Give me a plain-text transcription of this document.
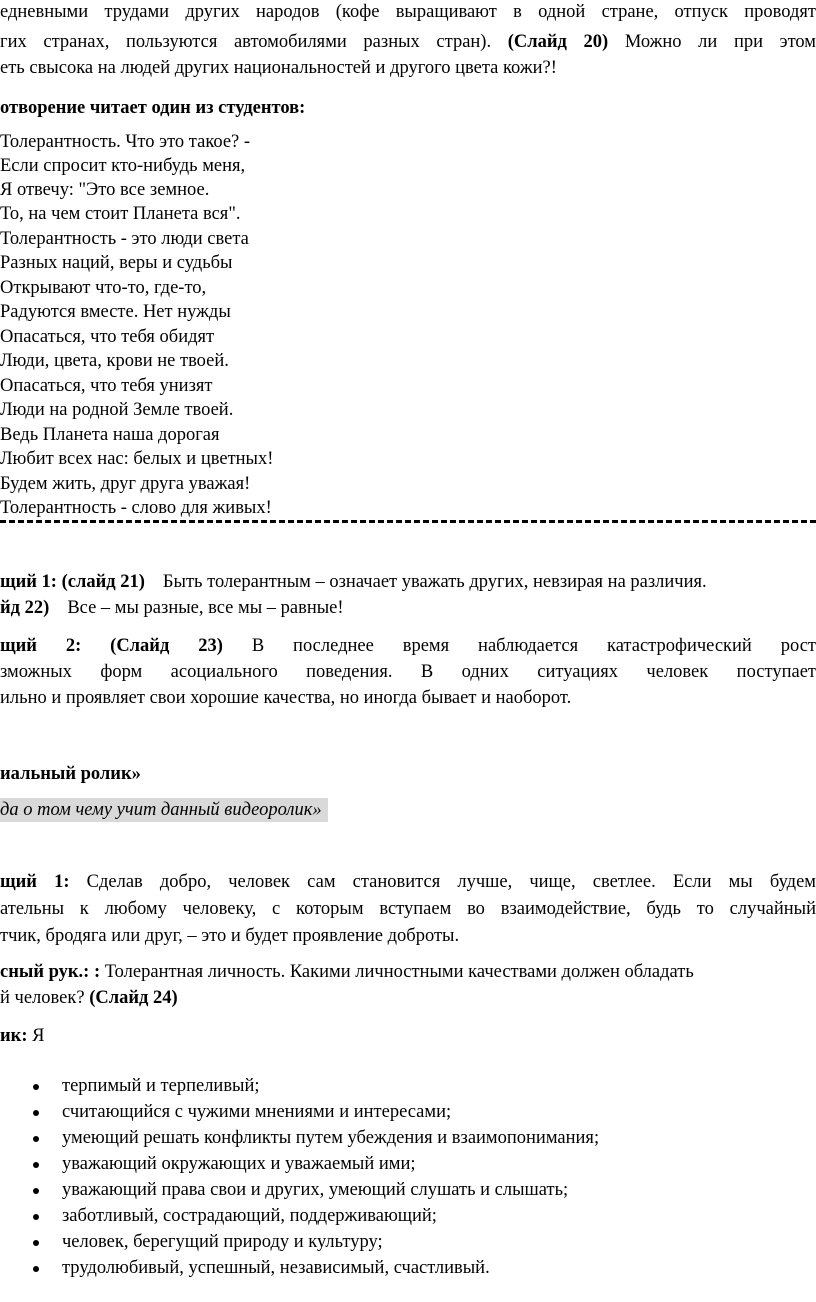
едневными трудами других народов (кофе выращивают в одной стране, отпуск проводят
гих странах, пользуются автомобилями разных стран). (Слайд 20) Можно ли при этом
еть свысока на людей других национальностей и другого цвета кожи?!
отворение читает один из студентов:
Толерантность. Что это такое? -
Если спросит кто-нибудь меня,
Я отвечу: "Это все земное.
То, на чем стоит Планета вся".
Толерантность - это люди света
Разных наций, веры и судьбы
Открывают что-то, где-то,
Радуются вместе. Нет нужды
Опасаться, что тебя обидят
Люди, цвета, крови не твоей.
Опасаться, что тебя унизят
Люди на родной Земле твоей.
Ведь Планета наша дорогая
Любит всех нас: белых и цветных!
Будем жить, друг друга уважая!
Толерантность - слово для живых!
щий 1: (слайд 21) Быть толерантным – означает уважать других, невзирая на различия.
йд 22) Все – мы разные, все мы – равные!
щий 2: (Слайд 23) В последнее время наблюдается катастрофический рост
зможных форм асоциального поведения. В одних ситуациях человек поступает
ильно и проявляет свои хорошие качества, но иногда бывает и наоборот.
иальный ролик»
да о том чему учит данный видеоролик»
щий 1: Сделав добро, человек сам становится лучше, чище, светлее. Если мы будем
ательны к любому человеку, с которым вступаем во взаимодействие, будь то случайный
тчик, бродяга или друг, – это и будет проявление доброты.
сный рук.: : Толерантная личность. Какими личностными качествами должен обладать
й человек? (Слайд 24)
ик: Я
терпимый и терпеливый;
считающийся с чужими мнениями и интересами;
умеющий решать конфликты путем убеждения и взаимопонимания;
уважающий окружающих и уважаемый ими;
уважающий права свои и других, умеющий слушать и слышать;
заботливый, сострадающий, поддерживающий;
человек, берегущий природу и культуру;
трудолюбивый, успешный, независимый, счастливый.
